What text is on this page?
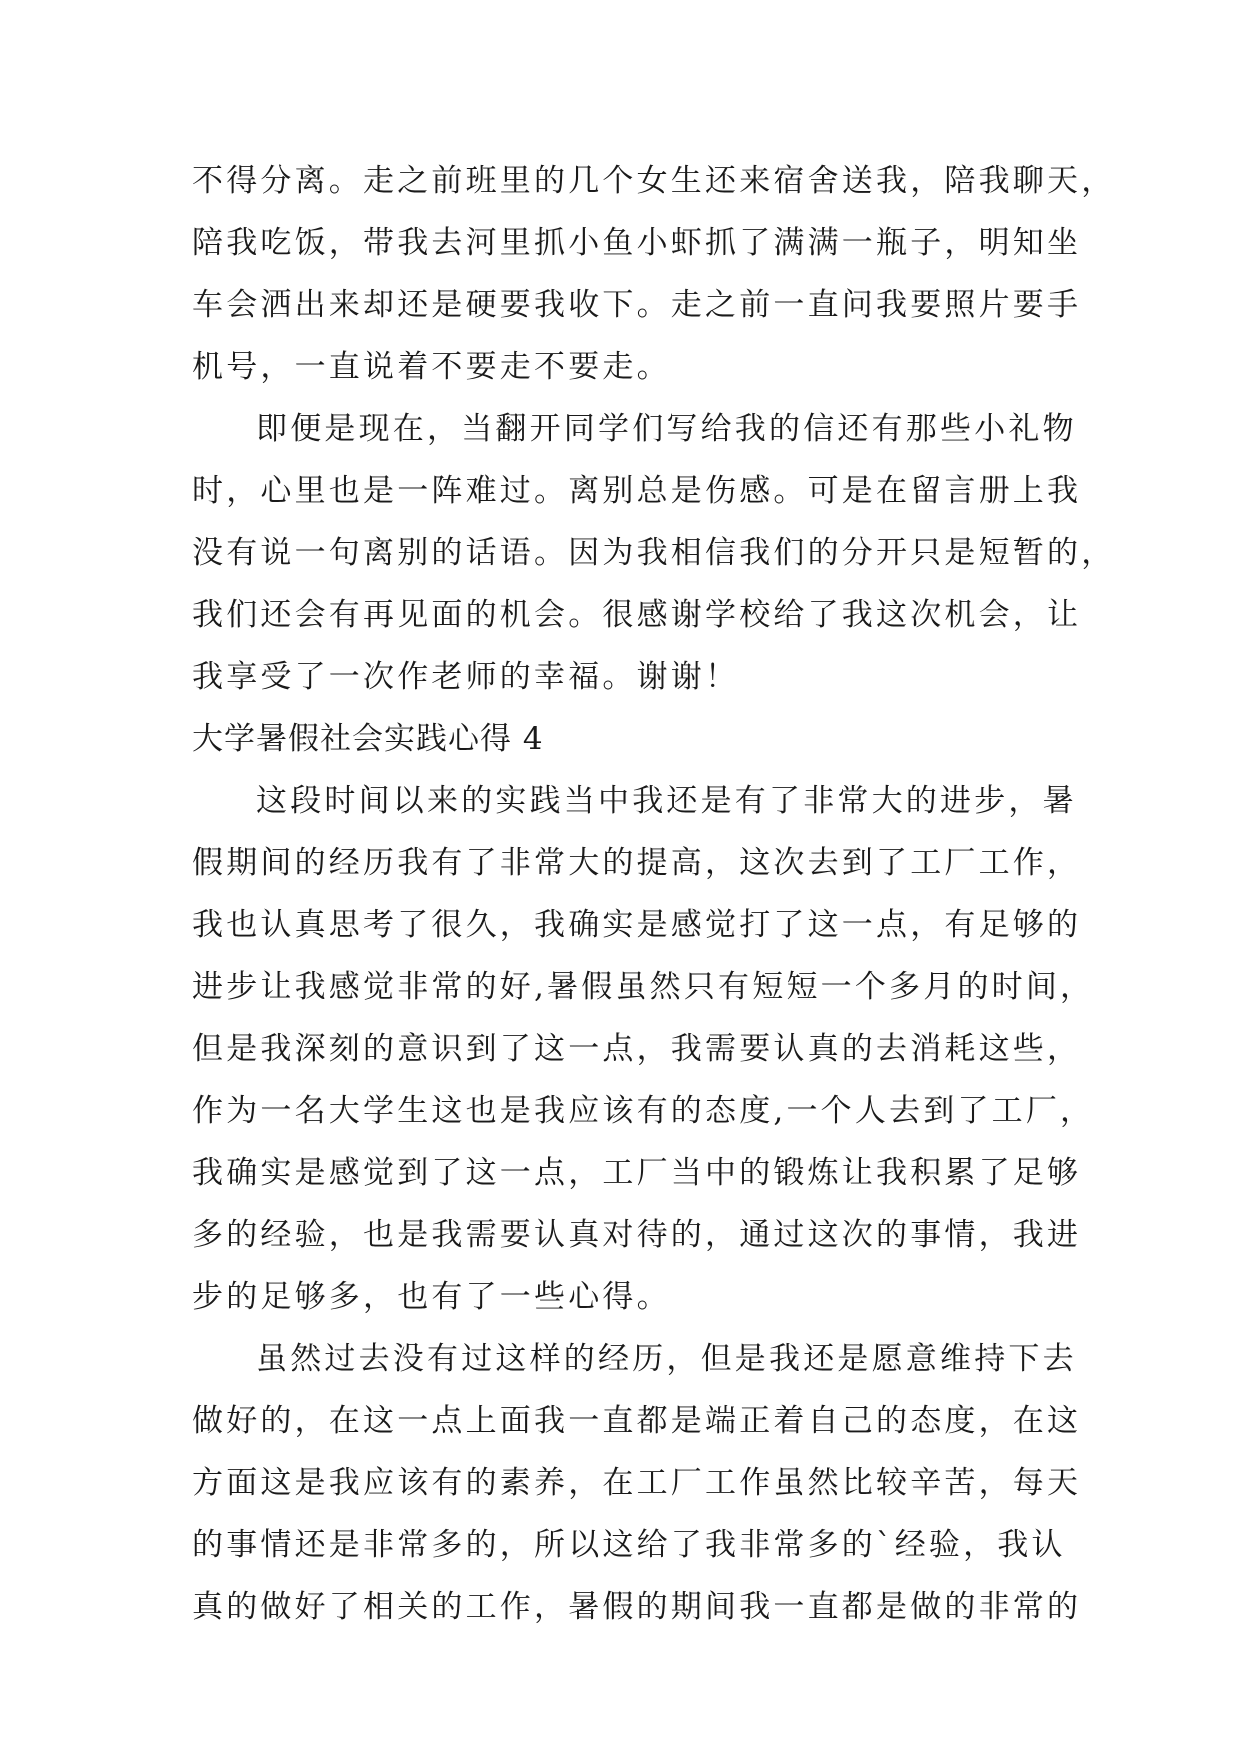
不得分离。走之前班里的几个女生还来宿舍送我，陪我聊天，
陪我吃饭，带我去河里抓小鱼小虾抓了满满一瓶子，明知坐
车会洒出来却还是硬要我收下。走之前一直问我要照片要手
机号，一直说着不要走不要走。
即便是现在，当翻开同学们写给我的信还有那些小礼物
时，心里也是一阵难过。离别总是伤感。可是在留言册上我
没有说一句离别的话语。因为我相信我们的分开只是短暂的，
我们还会有再见面的机会。很感谢学校给了我这次机会，让
我享受了一次作老师的幸福。谢谢！
大学暑假社会实践心得 4
这段时间以来的实践当中我还是有了非常大的进步，暑
假期间的经历我有了非常大的提高，这次去到了工厂工作，
我也认真思考了很久，我确实是感觉打了这一点，有足够的
进步让我感觉非常的好,暑假虽然只有短短一个多月的时间，
但是我深刻的意识到了这一点，我需要认真的去消耗这些，
作为一名大学生这也是我应该有的态度,一个人去到了工厂，
我确实是感觉到了这一点，工厂当中的锻炼让我积累了足够
多的经验，也是我需要认真对待的，通过这次的事情，我进
步的足够多，也有了一些心得。
虽然过去没有过这样的经历，但是我还是愿意维持下去
做好的，在这一点上面我一直都是端正着自己的态度，在这
方面这是我应该有的素养，在工厂工作虽然比较辛苦，每天
的事情还是非常多的，所以这给了我非常多的`经验，我认
真的做好了相关的工作，暑假的期间我一直都是做的非常的
